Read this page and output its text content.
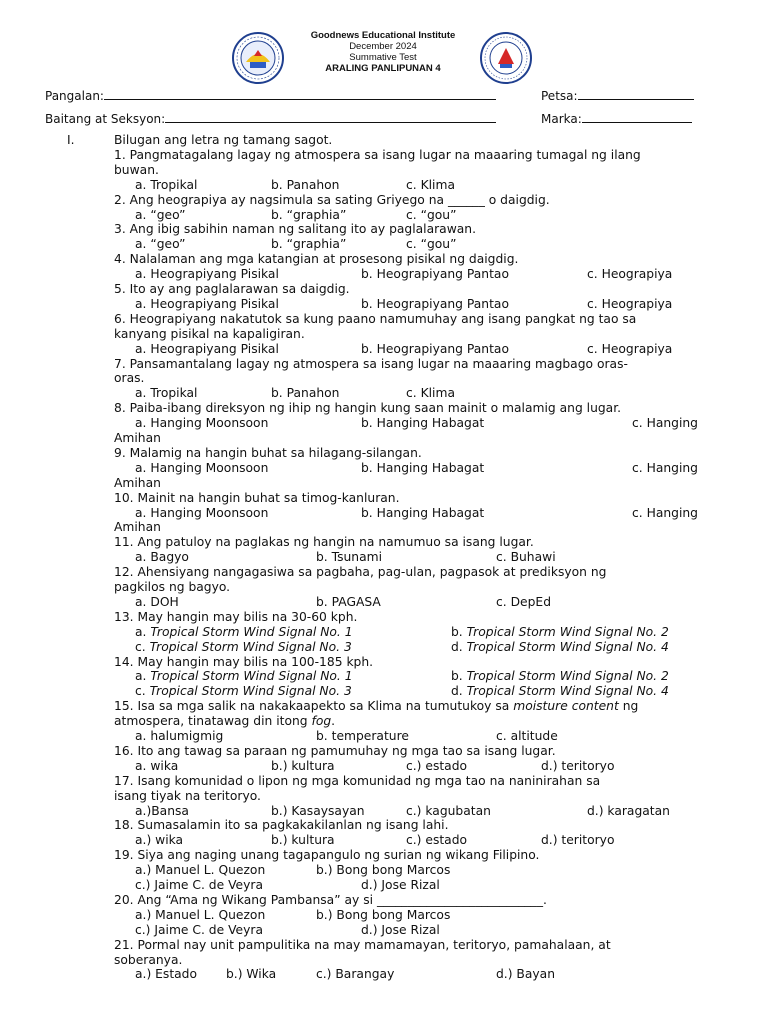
Goodnews Educational Institute
December 2024
Summative Test
ARALING PANLIPUNAN 4
Pangalan:	Petsa:
Baitang at Seksyon:	Marka:
I.	Bilugan ang letra ng tamang sagot.
1. Pangmatagalang lagay ng atmospera sa isang lugar na maaaring tumagal ng ilang
buwan.
a. Tropikal	b. Panahon	c. Klima
2. Ang heograpiya ay nagsimula sa sating Griyego na ______ o daigdig.
a. “geo”	b. “graphia”	c. “gou”
3. Ang ibig sabihin naman ng salitang ito ay paglalarawan.
a. “geo”	b. “graphia”	c. “gou”
4. Nalalaman ang mga katangian at prosesong pisikal ng daigdig.
a. Heograpiyang Pisikal	b. Heograpiyang Pantao	c. Heograpiya
5. Ito ay ang paglalarawan sa daigdig.
a. Heograpiyang Pisikal	b. Heograpiyang Pantao	c. Heograpiya
6. Heograpiyang nakatutok sa kung paano namumuhay ang isang pangkat ng tao sa
kanyang pisikal na kapaligiran.
a. Heograpiyang Pisikal	b. Heograpiyang Pantao	c. Heograpiya
7. Pansamantalang lagay ng atmospera sa isang lugar na maaaring magbago oras-
oras.
a. Tropikal	b. Panahon	c. Klima
8. Paiba-ibang direksyon ng ihip ng hangin kung saan mainit o malamig ang lugar.
a. Hanging Moonsoon	b. Hanging Habagat	c. Hanging
Amihan
9. Malamig na hangin buhat sa hilagang-silangan.
a. Hanging Moonsoon	b. Hanging Habagat	c. Hanging
Amihan
10. Mainit na hangin buhat sa timog-kanluran.
a. Hanging Moonsoon	b. Hanging Habagat	c. Hanging
Amihan
11. Ang patuloy na paglakas ng hangin na namumuo sa isang lugar.
a. Bagyo	b. Tsunami	c. Buhawi
12. Ahensiyang nangagasiwa sa pagbaha, pag-ulan, pagpasok at prediksyon ng
pagkilos ng bagyo.
a. DOH	b. PAGASA	c. DepEd
13. May hangin may bilis na 30-60 kph.
a. Tropical Storm Wind Signal No. 1	b. Tropical Storm Wind Signal No. 2
c. Tropical Storm Wind Signal No. 3	d. Tropical Storm Wind Signal No. 4
14. May hangin may bilis na 100-185 kph.
a. Tropical Storm Wind Signal No. 1	b. Tropical Storm Wind Signal No. 2
c. Tropical Storm Wind Signal No. 3	d. Tropical Storm Wind Signal No. 4
15. Isa sa mga salik na nakakaapekto sa Klima na tumutukoy sa moisture content ng
atmospera, tinatawag din itong fog.
a. halumigmig	b. temperature	c. altitude
16. Ito ang tawag sa paraan ng pamumuhay ng mga tao sa isang lugar.
a. wika	b.) kultura	c.) estado	d.) teritoryo
17. Isang komunidad o lipon ng mga komunidad ng mga tao na naninirahan sa
isang tiyak na teritoryo.
a.)Bansa	b.) Kasaysayan	c.) kagubatan	d.) karagatan
18. Sumasalamin ito sa pagkakakilanlan ng isang lahi.
a.) wika	b.) kultura	c.) estado	d.) teritoryo
19. Siya ang naging unang tagapangulo ng surian ng wikang Filipino.
a.) Manuel L. Quezon	b.) Bong bong Marcos
c.) Jaime C. de Veyra	d.) Jose Rizal
20. Ang “Ama ng Wikang Pambansa” ay si ___________________________.
a.) Manuel L. Quezon	b.) Bong bong Marcos
c.) Jaime C. de Veyra	d.) Jose Rizal
21. Pormal nay unit pampulitika na may mamamayan, teritoryo, pamahalaan, at
soberanya.
a.) Estado b.) Wika	c.) Barangay	d.) Bayan
